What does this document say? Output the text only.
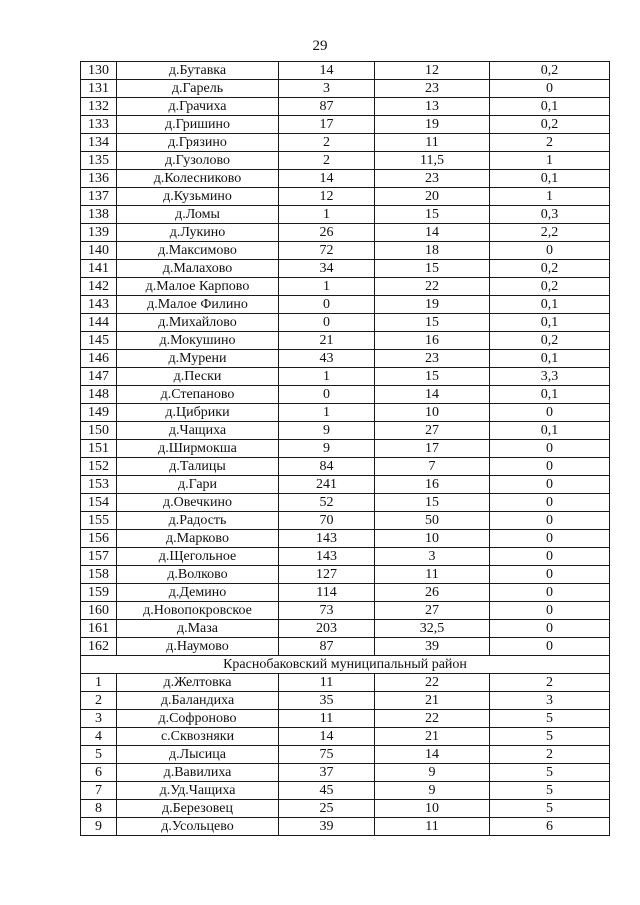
29
130	д.Бутавка	14	12	0,2
131	д.Гарель	3	23	0
132	д.Грачиха	87	13	0,1
133	д.Гришино	17	19	0,2
134	д.Грязино	2	11	2
135	д.Гузолово	2	11,5	1
136	д.Колесниково	14	23	0,1
137	д.Кузьмино	12	20	1
138	д.Ломы	1	15	0,3
139	д.Лукино	26	14	2,2
140	д.Максимово	72	18	0
141	д.Малахово	34	15	0,2
142	д.Малое Карпово	1	22	0,2
143	д.Малое Филино	0	19	0,1
144	д.Михайлово	0	15	0,1
145	д.Мокушино	21	16	0,2
146	д.Мурени	43	23	0,1
147	д.Пески	1	15	3,3
148	д.Степаново	0	14	0,1
149	д.Цибрики	1	10	0
150	д.Чащиха	9	27	0,1
151	д.Ширмокша	9	17	0
152	д.Талицы	84	7	0
153	д.Гари	241	16	0
154	д.Овечкино	52	15	0
155	д.Радость	70	50	0
156	д.Марково	143	10	0
157	д.Щегольное	143	3	0
158	д.Волково	127	11	0
159	д.Демино	114	26	0
160	д.Новопокровское	73	27	0
161	д.Маза	203	32,5	0
162	д.Наумово	87	39	0
Краснобаковский муниципальный район				
1	д.Желтовка	11	22	2
2	д.Баландиха	35	21	3
3	д.Софроново	11	22	5
4	с.Сквозняки	14	21	5
5	д.Лысица	75	14	2
6	д.Вавилиха	37	9	5
7	д.Уд.Чащиха	45	9	5
8	д.Березовец	25	10	5
9	д.Усольцево	39	11	6
